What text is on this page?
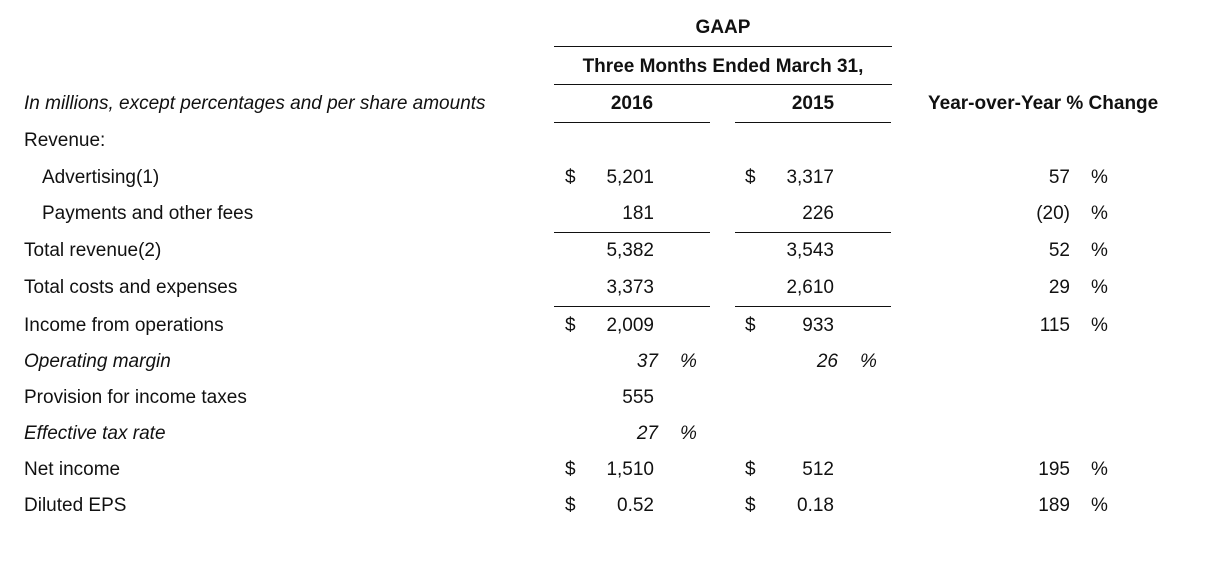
GAAP
Three Months Ended March 31,
In millions, except percentages and per share amounts	2016	2015	Year-over-Year % Change
Revenue:
Advertising(1)	$	5,201	$	3,317	57 %
Payments and other fees	181	226	(20) %
Total revenue(2)	5,382	3,543	52 %
Total costs and expenses	3,373	2,610	29 %
Income from operations	$	2,009	$	933	115 %
Operating margin	37 %	26 %
Provision for income taxes	555
Effective tax rate	27 %
Net income	$	1,510	$	512	195 %
Diluted EPS	$	0.52	$	0.18	189 %
